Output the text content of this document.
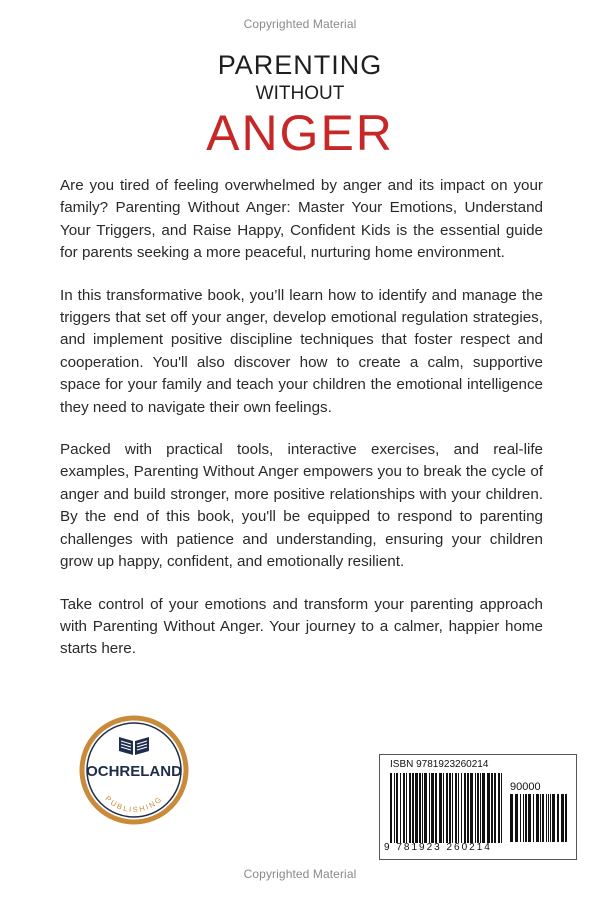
Copyrighted Material
PARENTING
WITHOUT
ANGER

Are you tired of feeling overwhelmed by anger and its impact on your family? Parenting Without Anger: Master Your Emotions, Understand Your Triggers, and Raise Happy, Confident Kids is the essential guide for parents seeking a more peaceful, nurturing home environment.

In this transformative book, you’ll learn how to identify and manage the triggers that set off your anger, develop emotional regulation strategies, and implement positive discipline techniques that foster respect and cooperation. You'll also discover how to create a calm, supportive space for your family and teach your children the emotional intelligence they need to navigate their own feelings.

Packed with practical tools, interactive exercises, and real-life examples, Parenting Without Anger empowers you to break the cycle of anger and build stronger, more positive relationships with your children. By the end of this book, you'll be equipped to respond to parenting challenges with patience and understanding, ensuring your children grow up happy, confident, and emotionally resilient.

Take control of your emotions and transform your parenting approach with Parenting Without Anger. Your journey to a calmer, happier home starts here.

OCHRELAND
PUBLISHING
ISBN 9781923260214
90000
9 781923 260214
Copyrighted Material
